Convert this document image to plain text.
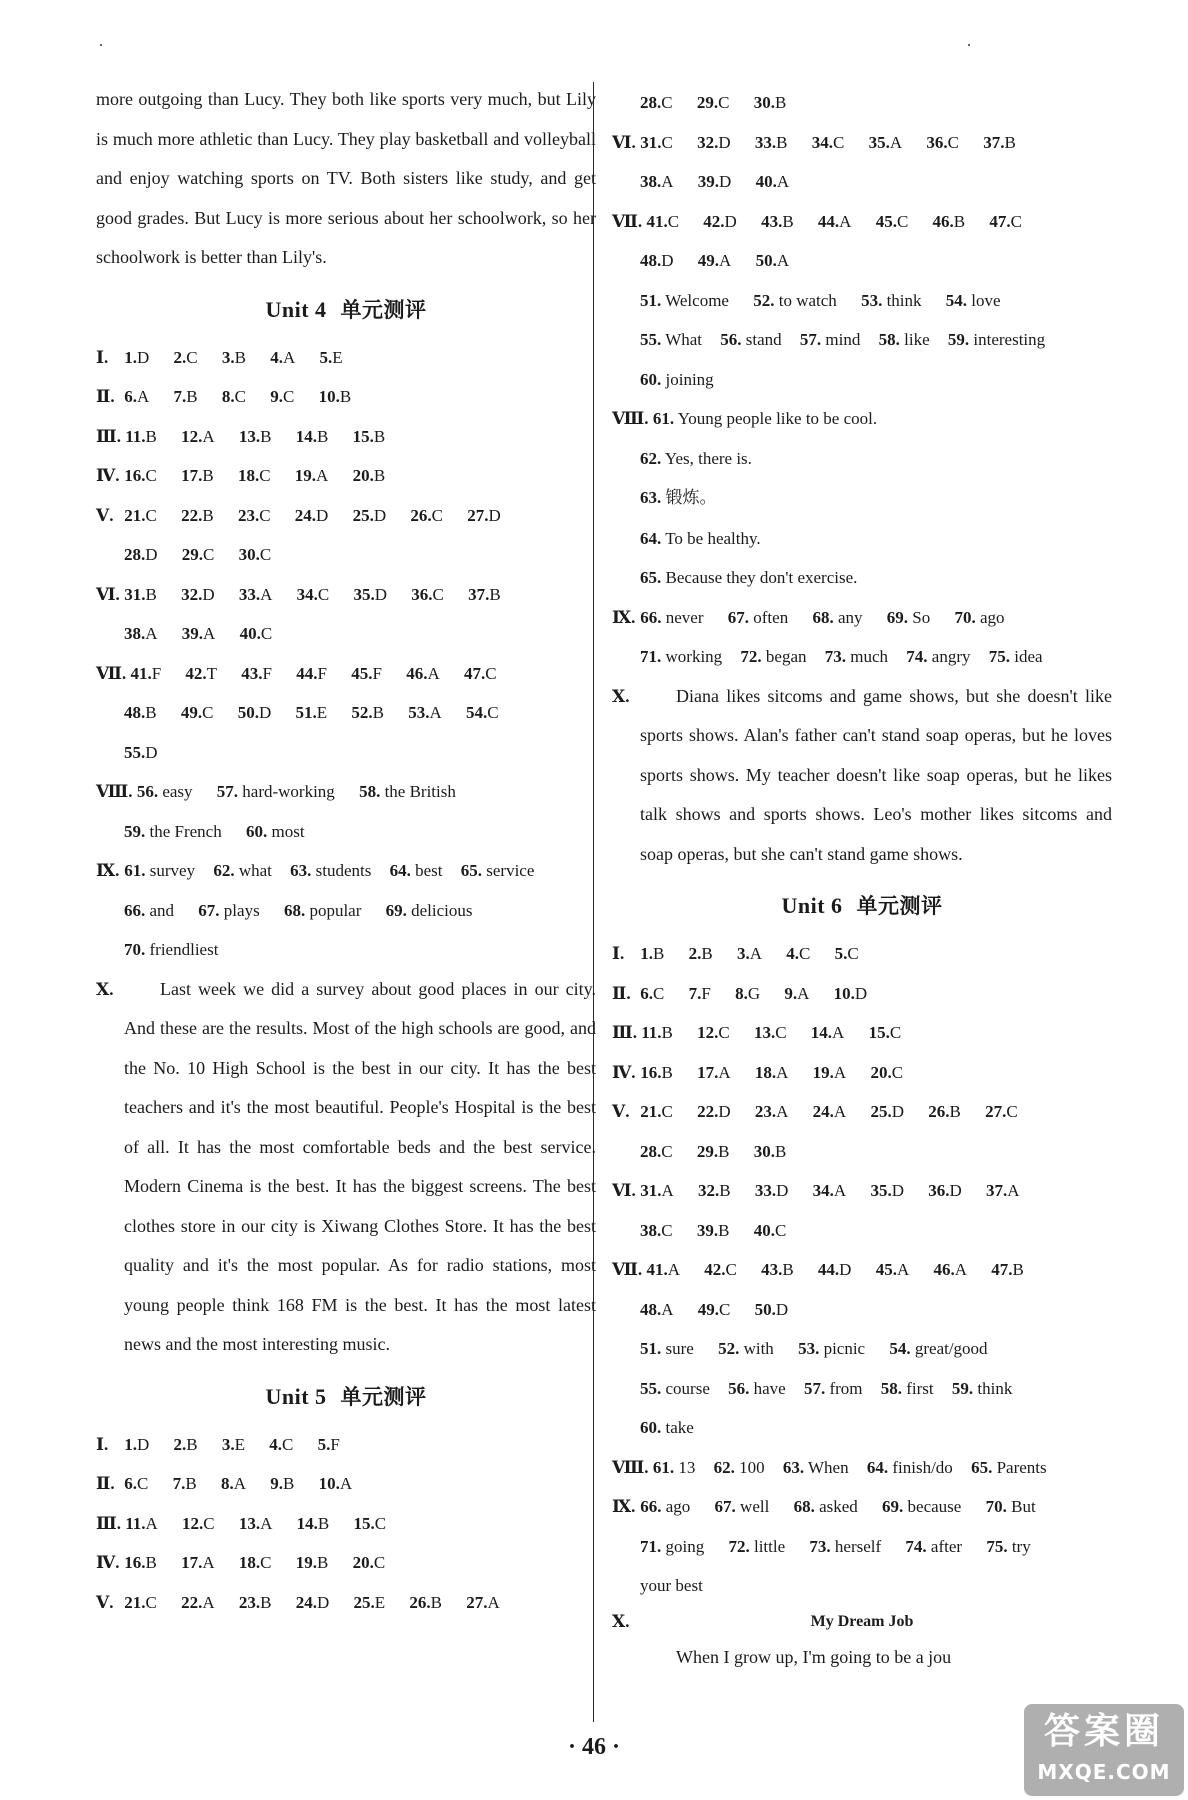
more outgoing than Lucy. They both like sports very much, but Lily is much more athletic than Lucy. They play basketball and volleyball and enjoy watching sports on TV. Both sisters like study, and get good grades. But Lucy is more serious about her schoolwork, so her schoolwork is better than Lily's.

Unit 4 单元测评
Ⅰ. 1.D 2.C 3.B 4.A 5.E
Ⅱ. 6.A 7.B 8.C 9.C 10.B
Ⅲ. 11.B 12.A 13.B 14.B 15.B
Ⅳ. 16.C 17.B 18.C 19.A 20.B
Ⅴ. 21.C 22.B 23.C 24.D 25.D 26.C 27.D
28.D 29.C 30.C
Ⅵ. 31.B 32.D 33.A 34.C 35.D 36.C 37.B
38.A 39.A 40.C
Ⅶ. 41.F 42.T 43.F 44.F 45.F 46.A 47.C
48.B 49.C 50.D 51.E 52.B 53.A 54.C
55.D
Ⅷ. 56. easy 57. hard-working 58. the British
59. the French 60. most
Ⅸ. 61. survey 62. what 63. students 64. best 65. service
66. and 67. plays 68. popular 69. delicious
70. friendliest
Ⅹ.	Last week we did a survey about good places in our city. And these are the results. Most of the high schools are good, and the No. 10 High School is the best in our city. It has the best teachers and it's the most beautiful. People's Hospital is the best of all. It has the most comfortable beds and the best service. Modern Cinema is the best. It has the biggest screens. The best clothes store in our city is Xiwang Clothes Store. It has the best quality and it's the most popular. As for radio stations, most young people think 168 FM is the best. It has the most latest news and the most interesting music.

Unit 5 单元测评
Ⅰ. 1.D 2.B 3.E 4.C 5.F
Ⅱ. 6.C 7.B 8.A 9.B 10.A
Ⅲ. 11.A 12.C 13.A 14.B 15.C
Ⅳ. 16.B 17.A 18.C 19.B 20.C
Ⅴ. 21.C 22.A 23.B 24.D 25.E 26.B 27.A
28.C 29.C 30.B
Ⅵ. 31.C 32.D 33.B 34.C 35.A 36.C 37.B
38.A 39.D 40.A
Ⅶ. 41.C 42.D 43.B 44.A 45.C 46.B 47.C
48.D 49.A 50.A
51. Welcome 52. to watch 53. think 54. love
55. What 56. stand 57. mind 58. like 59. interesting
60. joining
Ⅷ. 61. Young people like to be cool.
62. Yes, there is.
63. 锻炼。
64. To be healthy.
65. Because they don't exercise.
Ⅸ. 66. never 67. often 68. any 69. So 70. ago
71. working 72. began 73. much 74. angry 75. idea
Ⅹ.	Diana likes sitcoms and game shows, but she doesn't like sports shows. Alan's father can't stand soap operas, but he loves sports shows. My teacher doesn't like soap operas, but he likes talk shows and sports shows. Leo's mother likes sitcoms and soap operas, but she can't stand game shows.

Unit 6 单元测评
Ⅰ. 1.B 2.B 3.A 4.C 5.C
Ⅱ. 6.C 7.F 8.G 9.A 10.D
Ⅲ. 11.B 12.C 13.C 14.A 15.C
Ⅳ. 16.B 17.A 18.A 19.A 20.C
Ⅴ. 21.C 22.D 23.A 24.A 25.D 26.B 27.C
28.C 29.B 30.B
Ⅵ. 31.A 32.B 33.D 34.A 35.D 36.D 37.A
38.C 39.B 40.C
Ⅶ. 41.A 42.C 43.B 44.D 45.A 46.A 47.B
48.A 49.C 50.D
51. sure 52. with 53. picnic 54. great/good
55. course 56. have 57. from 58. first 59. think
60. take
Ⅷ. 61. 13 62. 100 63. When 64. finish/do 65. Parents
Ⅸ. 66. ago 67. well 68. asked 69. because 70. But
71. going 72. little 73. herself 74. after 75. try
your best
Ⅹ.	My Dream Job

When I grow up, I'm going to be a jou

· 46 ·	答案圈
MXQE.COM
